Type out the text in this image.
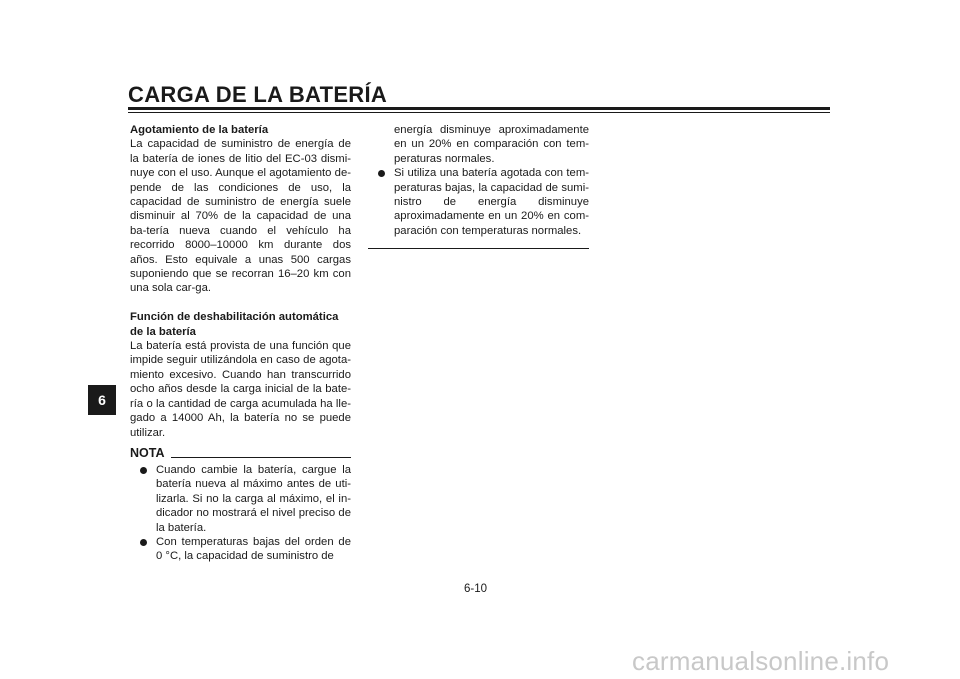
CARGA DE LA BATERÍA
6

Agotamiento de la batería

La capacidad de suministro de energía de la batería de iones de litio del EC-03 dismi-nuye con el uso. Aunque el agotamiento de-pende de las condiciones de uso, la capacidad de suministro de energía suele disminuir al 70% de la capacidad de una ba-tería nueva cuando el vehículo ha recorrido 8000–10000 km durante dos años. Esto equivale a unas 500 cargas suponiendo que se recorran 16–20 km con una sola car-ga.

Función de deshabilitación automática
de la batería

La batería está provista de una función que impide seguir utilizándola en caso de agota-miento excesivo. Cuando han transcurrido ocho años desde la carga inicial de la bate-ría o la cantidad de carga acumulada ha lle-gado a 14000 Ah, la batería no se puede utilizar.

NOTA
Cuando cambie la batería, cargue la batería nueva al máximo antes de uti-lizarla. Si no la carga al máximo, el in-dicador no mostrará el nivel preciso de la batería.
Con temperaturas bajas del orden de 0 °C, la capacidad de suministro de

energía disminuye aproximadamente en un 20% en comparación con tem-peraturas normales.

Si utiliza una batería agotada con tem-peraturas bajas, la capacidad de sumi-nistro de energía disminuye aproximadamente en un 20% en com-paración con temperaturas normales.
6-10
carmanualsonline.info
